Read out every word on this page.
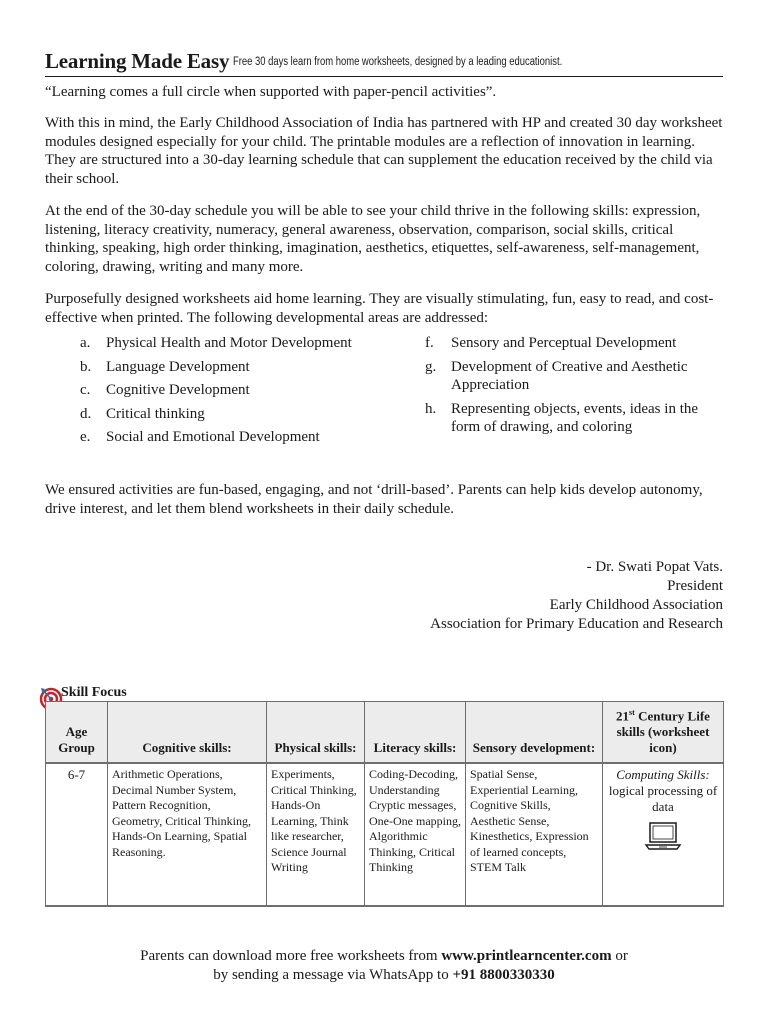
Learning Made Easy Free 30 days learn from home worksheets, designed by a leading educationist.

“Learning comes a full circle when supported with paper-pencil activities”.

With this in mind, the Early Childhood Association of India has partnered with HP and created 30 day worksheet modules designed especially for your child. The printable modules are a reflection of innovation in learning. They are structured into a 30-day learning schedule that can supplement the education received by the child via their school.

At the end of the 30-day schedule you will be able to see your child thrive in the following skills: expression, listening, literacy creativity, numeracy, general awareness, observation, comparison, social skills, critical thinking, speaking, high order thinking, imagination, aesthetics, etiquettes, self-awareness, self-management, coloring, drawing, writing and many more.

Purposefully designed worksheets aid home learning. They are visually stimulating, fun, easy to read, and cost-effective when printed. The following developmental areas are addressed:

a.	Physical Health and Motor Development
b. Language Development
c.	Cognitive Development
d. Critical thinking
e.	Social and Emotional Development
f.	Sensory and Perceptual Development
g. Development of Creative and Aesthetic Appreciation
h. Representing objects, events, ideas in the form of drawing, and coloring

We ensured activities are fun-based, engaging, and not ‘drill-based’. Parents can help kids develop autonomy, drive interest, and let them blend worksheets in their daily schedule.

- Dr. Swati Popat Vats.
President
Early Childhood Association
Association for Primary Education and Research
Skill Focus
Age Group	Cognitive skills:	Physical skills:	Literacy skills:	Sensory development:	21st Century Life skills (worksheet icon)
6-7	Arithmetic Operations, Decimal Number System, Pattern Recognition, Geometry, Critical Thinking, Hands-On Learning, Spatial Reasoning.	Experiments, Critical Thinking, Hands-On Learning, Think like researcher, Science Journal Writing	Coding-Decoding, Understanding Cryptic messages, One-One mapping, Algorithmic Thinking, Critical Thinking	Spatial Sense, Experiential Learning, Cognitive Skills, Aesthetic Sense, Kinesthetics, Expression of learned concepts, STEM Talk	Computing Skills:
logical processing of data
Parents can download more free worksheets from www.printlearncenter.com or
by sending a message via WhatsApp to +91 8800330330
